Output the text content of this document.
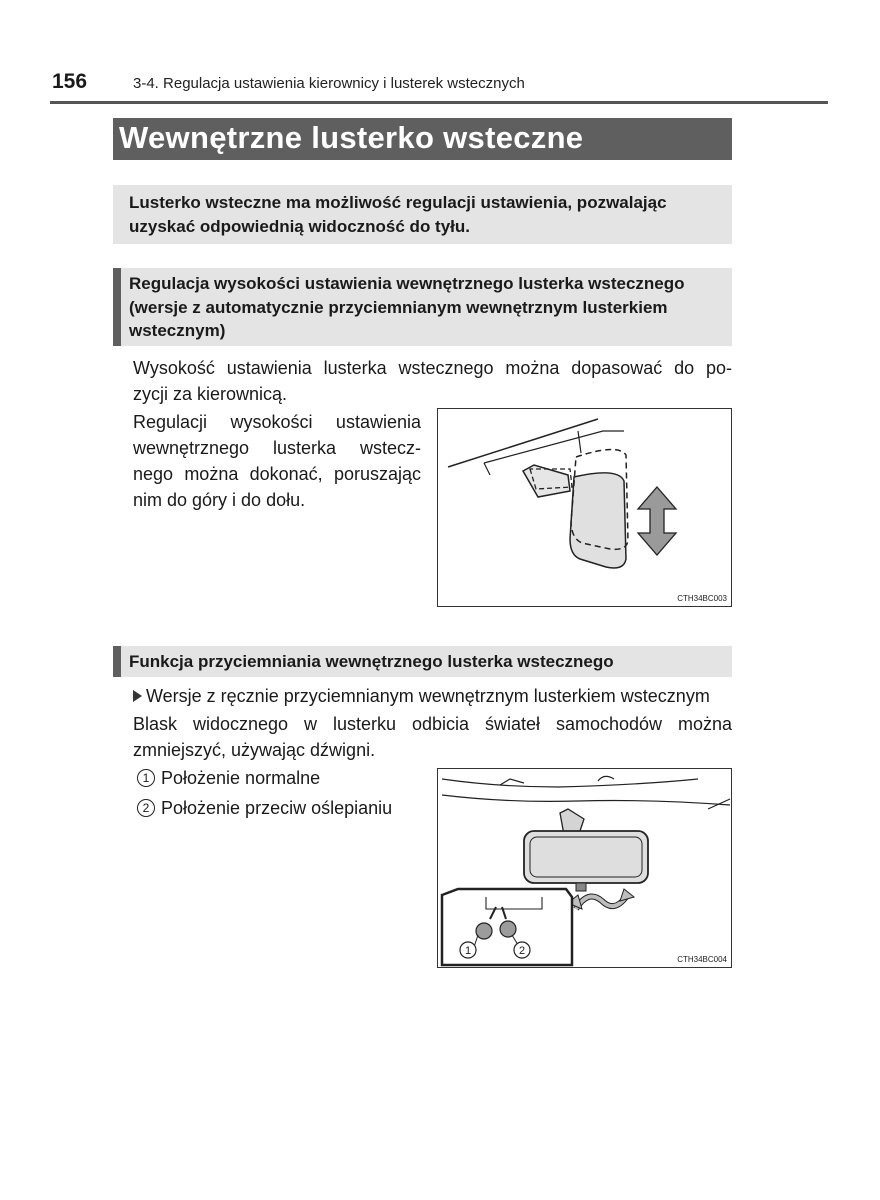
156	3-4. Regulacja ustawienia kierownicy i lusterek wstecznych
Wewnętrzne lusterko wsteczne

Lusterko wsteczne ma możliwość regulacji ustawienia, pozwalając uzyskać odpowiednią widoczność do tyłu.

Regulacja wysokości ustawienia wewnętrznego lusterka wstecznego (wersje z automatycznie przyciemnianym wewnętrznym lusterkiem wstecznym)

Wysokość ustawienia lusterka wstecznego można dopasować do po-
zycji za kierownicą.
Regulacji wysokości ustawienia
wewnętrznego lusterka wstecz-
nego można dokonać, poruszając
nim do góry i do dołu.
CTH34BC003

Funkcja przyciemniania wewnętrznego lusterka wstecznego

Wersje z ręcznie przyciemnianym wewnętrznym lusterkiem wstecznym
Blask widocznego w lusterku odbicia świateł samochodów można
zmniejszyć, używając dźwigni.
1 Położenie normalne
2 Położenie przeciw oślepianiu
1	2
CTH34BC004
